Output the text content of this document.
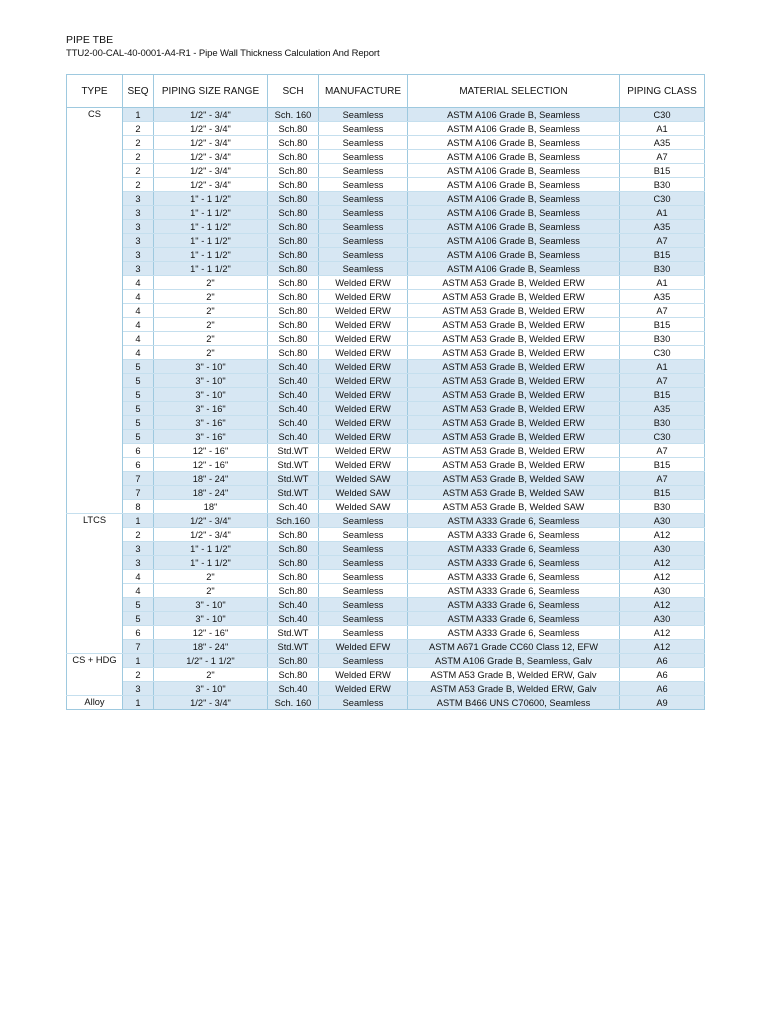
PIPE TBE

TTU2-00-CAL-40-0001-A4-R1 - Pipe Wall Thickness Calculation And Report

TYPE	SEQ	PIPING SIZE RANGE	SCH	MANUFACTURE	MATERIAL SELECTION	PIPING CLASS
CS	1	1/2" - 3/4"	Sch. 160	Seamless	ASTM A106 Grade B, Seamless	C30
	2	1/2" - 3/4"	Sch.80	Seamless	ASTM A106 Grade B, Seamless	A1
	2	1/2" - 3/4"	Sch.80	Seamless	ASTM A106 Grade B, Seamless	A35
	2	1/2" - 3/4"	Sch.80	Seamless	ASTM A106 Grade B, Seamless	A7
	2	1/2" - 3/4"	Sch.80	Seamless	ASTM A106 Grade B, Seamless	B15
	2	1/2" - 3/4"	Sch.80	Seamless	ASTM A106 Grade B, Seamless	B30
	3	1" - 1 1/2"	Sch.80	Seamless	ASTM A106 Grade B, Seamless	C30
	3	1" - 1 1/2"	Sch.80	Seamless	ASTM A106 Grade B, Seamless	A1
	3	1" - 1 1/2"	Sch.80	Seamless	ASTM A106 Grade B, Seamless	A35
	3	1" - 1 1/2"	Sch.80	Seamless	ASTM A106 Grade B, Seamless	A7
	3	1" - 1 1/2"	Sch.80	Seamless	ASTM A106 Grade B, Seamless	B15
	3	1" - 1 1/2"	Sch.80	Seamless	ASTM A106 Grade B, Seamless	B30
	4	2"	Sch.80	Welded ERW	ASTM A53 Grade B, Welded ERW	A1
	4	2"	Sch.80	Welded ERW	ASTM A53 Grade B, Welded ERW	A35
	4	2"	Sch.80	Welded ERW	ASTM A53 Grade B, Welded ERW	A7
	4	2"	Sch.80	Welded ERW	ASTM A53 Grade B, Welded ERW	B15
	4	2"	Sch.80	Welded ERW	ASTM A53 Grade B, Welded ERW	B30
	4	2"	Sch.80	Welded ERW	ASTM A53 Grade B, Welded ERW	C30
	5	3" - 10"	Sch.40	Welded ERW	ASTM A53 Grade B, Welded ERW	A1
	5	3" - 10"	Sch.40	Welded ERW	ASTM A53 Grade B, Welded ERW	A7
	5	3" - 10"	Sch.40	Welded ERW	ASTM A53 Grade B, Welded ERW	B15
	5	3" - 16"	Sch.40	Welded ERW	ASTM A53 Grade B, Welded ERW	A35
	5	3" - 16"	Sch.40	Welded ERW	ASTM A53 Grade B, Welded ERW	B30
	5	3" - 16"	Sch.40	Welded ERW	ASTM A53 Grade B, Welded ERW	C30
	6	12" - 16"	Std.WT	Welded ERW	ASTM A53 Grade B, Welded ERW	A7
	6	12" - 16"	Std.WT	Welded ERW	ASTM A53 Grade B, Welded ERW	B15
	7	18" - 24"	Std.WT	Welded SAW	ASTM A53 Grade B, Welded SAW	A7
	7	18" - 24"	Std.WT	Welded SAW	ASTM A53 Grade B, Welded SAW	B15
	8	18"	Sch.40	Welded SAW	ASTM A53 Grade B, Welded SAW	B30
LTCS	1	1/2" - 3/4"	Sch.160	Seamless	ASTM A333 Grade 6, Seamless	A30
	2	1/2" - 3/4"	Sch.80	Seamless	ASTM A333 Grade 6, Seamless	A12
	3	1" - 1 1/2"	Sch.80	Seamless	ASTM A333 Grade 6, Seamless	A30
	3	1" - 1 1/2"	Sch.80	Seamless	ASTM A333 Grade 6, Seamless	A12
	4	2"	Sch.80	Seamless	ASTM A333 Grade 6, Seamless	A12
	4	2"	Sch.80	Seamless	ASTM A333 Grade 6, Seamless	A30
	5	3" - 10"	Sch.40	Seamless	ASTM A333 Grade 6, Seamless	A12
	5	3" - 10"	Sch.40	Seamless	ASTM A333 Grade 6, Seamless	A30
	6	12" - 16"	Std.WT	Seamless	ASTM A333 Grade 6, Seamless	A12
	7	18" - 24"	Std.WT	Welded EFW	ASTM A671 Grade CC60 Class 12, EFW	A12
CS + HDG	1	1/2" - 1 1/2"	Sch.80	Seamless	ASTM A106 Grade B, Seamless, Galv	A6
	2	2"	Sch.80	Welded ERW	ASTM A53 Grade B, Welded ERW, Galv	A6
	3	3" - 10"	Sch.40	Welded ERW	ASTM A53 Grade B, Welded ERW, Galv	A6
Alloy	1	1/2" - 3/4"	Sch. 160	Seamless	ASTM B466 UNS C70600, Seamless	A9
